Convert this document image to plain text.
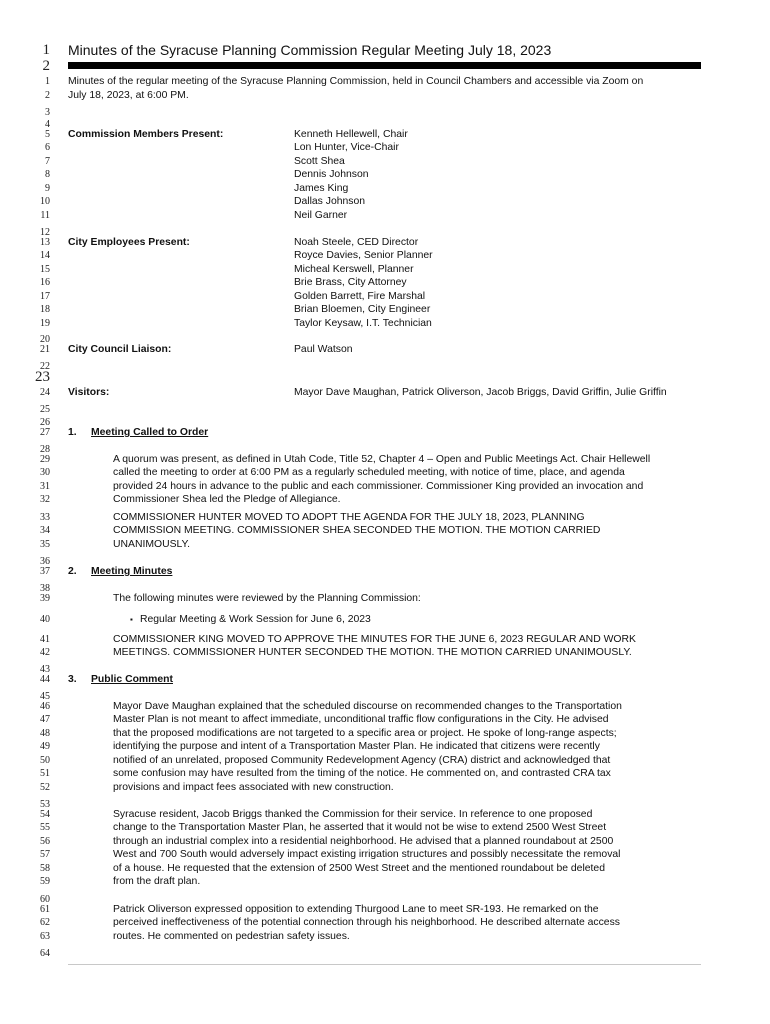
1
2
Minutes of the Syracuse Planning Commission Regular Meeting July 18, 2023
1
2
3
4
5
6
7
8
9
10
11
12
13
14
15
16
17
18
19
20
21
22
23
24
25
26
27
28
29
30
31
32
33
34
35
36
37
38
39
40
41
42
43
44
45
46
47
48
49
50
51
52
53
54
55
56
57
58
59
60
61
62
63
64
Minutes of the regular meeting of the Syracuse Planning Commission, held in Council Chambers and accessible via Zoom on
July 18, 2023, at 6:00 PM.
Commission Members Present:	Kenneth Hellewell, Chair
Lon Hunter, Vice-Chair
Scott Shea
Dennis Johnson
James King
Dallas Johnson
Neil Garner
City Employees Present:	Noah Steele, CED Director
Royce Davies, Senior Planner
Micheal Kerswell, Planner
Brie Brass, City Attorney
Golden Barrett, Fire Marshal
Brian Bloemen, City Engineer
Taylor Keysaw, I.T. Technician
City Council Liaison:	Paul Watson
Visitors:	Mayor Dave Maughan, Patrick Oliverson, Jacob Briggs, David Griffin, Julie Griffin
1. Meeting Called to Order
A quorum was present, as defined in Utah Code, Title 52, Chapter 4 – Open and Public Meetings Act. Chair Hellewell
called the meeting to order at 6:00 PM as a regularly scheduled meeting, with notice of time, place, and agenda
provided 24 hours in advance to the public and each commissioner. Commissioner King provided an invocation and
Commissioner Shea led the Pledge of Allegiance.
COMMISSIONER HUNTER MOVED TO ADOPT THE AGENDA FOR THE JULY 18, 2023, PLANNING
COMMISSION MEETING. COMMISSIONER SHEA SECONDED THE MOTION. THE MOTION CARRIED
UNANIMOUSLY.
2. Meeting Minutes
The following minutes were reviewed by the Planning Commission:
▪ Regular Meeting & Work Session for June 6, 2023
COMMISSIONER KING MOVED TO APPROVE THE MINUTES FOR THE JUNE 6, 2023 REGULAR AND WORK
MEETINGS. COMMISSIONER HUNTER SECONDED THE MOTION. THE MOTION CARRIED UNANIMOUSLY.
3. Public Comment
Mayor Dave Maughan explained that the scheduled discourse on recommended changes to the Transportation
Master Plan is not meant to affect immediate, unconditional traffic flow configurations in the City. He advised
that the proposed modifications are not targeted to a specific area or project. He spoke of long-range aspects;
identifying the purpose and intent of a Transportation Master Plan. He indicated that citizens were recently
notified of an unrelated, proposed Community Redevelopment Agency (CRA) district and acknowledged that
some confusion may have resulted from the timing of the notice. He commented on, and contrasted CRA tax
provisions and impact fees associated with new construction.
Syracuse resident, Jacob Briggs thanked the Commission for their service. In reference to one proposed
change to the Transportation Master Plan, he asserted that it would not be wise to extend 2500 West Street
through an industrial complex into a residential neighborhood. He advised that a planned roundabout at 2500
West and 700 South would adversely impact existing irrigation structures and possibly necessitate the removal
of a house. He requested that the extension of 2500 West Street and the mentioned roundabout be deleted
from the draft plan.
Patrick Oliverson expressed opposition to extending Thurgood Lane to meet SR-193. He remarked on the
perceived ineffectiveness of the potential connection through his neighborhood. He described alternate access
routes. He commented on pedestrian safety issues.
